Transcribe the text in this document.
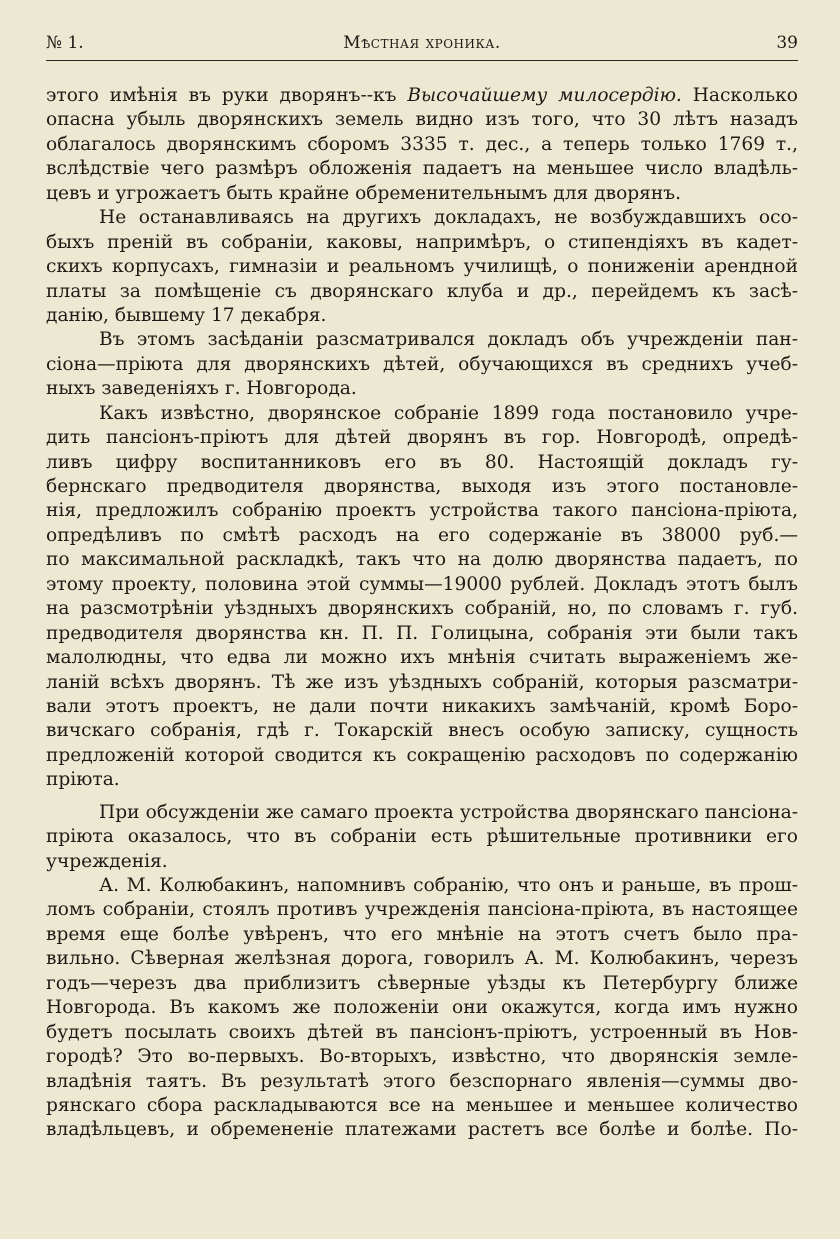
№ 1.	Мѣстная хроника.	39
этого имѣнія въ руки дворянъ--къ Высочайшему милосердію. Насколько
опасна убыль дворянскихъ земель видно изъ того, что 30 лѣтъ назадъ
облагалось дворянскимъ сборомъ 3335 т. дес., а теперь только 1769 т.,
вслѣдствіе чего размѣръ обложенія падаетъ на меньшее число владѣль-
цевъ и угрожаетъ быть крайне обременительнымъ для дворянъ.
Не останавливаясь на другихъ докладахъ, не возбуждавшихъ осо-
быхъ преній въ собраніи, каковы, напримѣръ, о стипендіяхъ въ кадет-
скихъ корпусахъ, гимназіи и реальномъ училищѣ, о пониженіи арендной
платы за помѣщеніе съ дворянскаго клуба и др., перейдемъ къ засѣ-
данію, бывшему 17 декабря.
Въ этомъ засѣданіи разсматривался докладъ объ учрежденіи пан-
сіона—пріюта для дворянскихъ дѣтей, обучающихся въ среднихъ учеб-
ныхъ заведеніяхъ г. Новгорода.
Какъ извѣстно, дворянское собраніе 1899 года постановило учре-
дить пансіонъ-пріютъ для дѣтей дворянъ въ гор. Новгородѣ, опредѣ-
ливъ цифру воспитанниковъ его въ 80. Настоящій докладъ гу-
бернскаго предводителя дворянства, выходя изъ этого постановле-
нія, предложилъ собранію проектъ устройства такого пансіона-пріюта,
опредѣливъ по смѣтѣ расходъ на его содержаніе въ 38000 руб.—
по максимальной раскладкѣ, такъ что на долю дворянства падаетъ, по
этому проекту, половина этой суммы—19000 рублей. Докладъ этотъ былъ
на разсмотрѣніи уѣздныхъ дворянскихъ собраній, но, по словамъ г. губ.
предводителя дворянства кн. П. П. Голицына, собранія эти были такъ
малолюдны, что едва ли можно ихъ мнѣнія считать выраженіемъ же-
ланій всѣхъ дворянъ. Тѣ же изъ уѣздныхъ собраній, которыя разсматри-
вали этотъ проектъ, не дали почти никакихъ замѣчаній, кромѣ Боро-
вичскаго собранія, гдѣ г. Токарскій внесъ особую записку, сущность
предложеній которой сводится къ сокращенію расходовъ по содержанію
пріюта.
При обсужденіи же самаго проекта устройства дворянскаго пансіона-
пріюта оказалось, что въ собраніи есть рѣшительные противники его
учрежденія.
А. М. Колюбакинъ, напомнивъ собранію, что онъ и раньше, въ прош-
ломъ собраніи, стоялъ противъ учрежденія пансіона-пріюта, въ настоящее
время еще болѣе увѣренъ, что его мнѣніе на этотъ счетъ было пра-
вильно. Сѣверная желѣзная дорога, говорилъ А. М. Колюбакинъ, черезъ
годъ—черезъ два приблизитъ сѣверные уѣзды къ Петербургу ближе
Новгорода. Въ какомъ же положеніи они окажутся, когда имъ нужно
будетъ посылать своихъ дѣтей въ пансіонъ-пріютъ, устроенный въ Нов-
городѣ? Это во-первыхъ. Во-вторыхъ, извѣстно, что дворянскія земле-
владѣнія таятъ. Въ результатѣ этого безспорнаго явленія—суммы дво-
рянскаго сбора раскладываются все на меньшее и меньшее количество
владѣльцевъ, и обремененіе платежами растетъ все болѣе и болѣе. По-
